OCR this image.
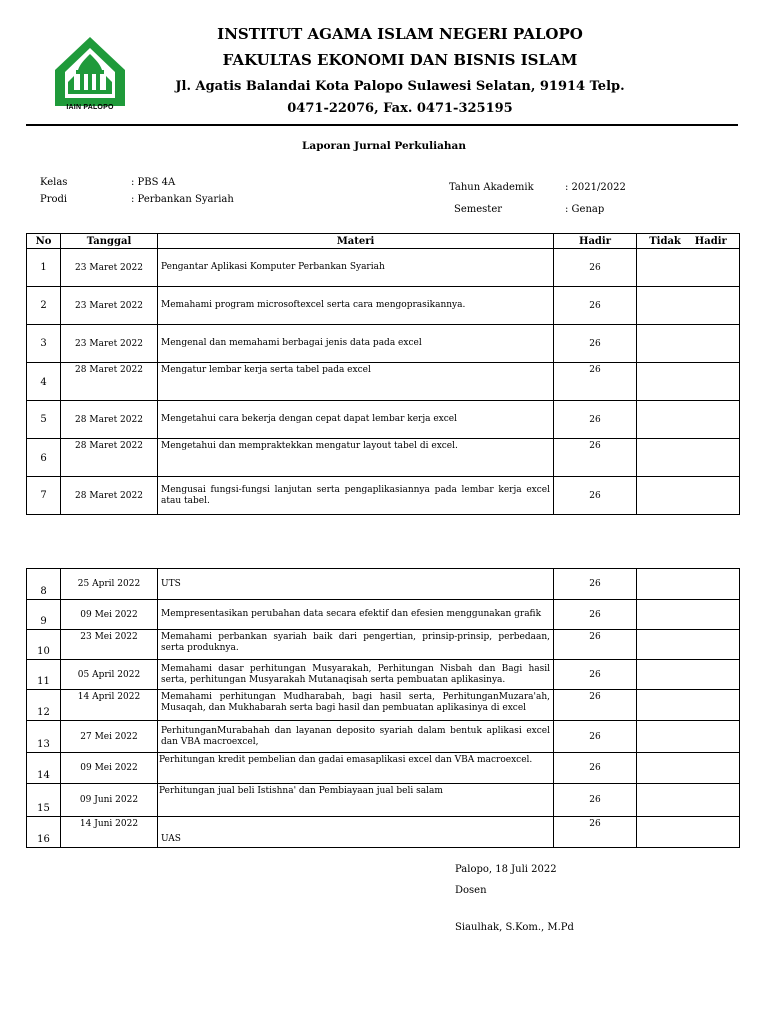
IAIN PALOPO
INSTITUT AGAMA ISLAM NEGERI PALOPO
FAKULTAS EKONOMI DAN BISNIS ISLAM
Jl. Agatis Balandai Kota Palopo Sulawesi Selatan, 91914 Telp.
0471-22076, Fax. 0471-325195
Laporan Jurnal Perkuliahan
Kelas	: PBS 4A
Prodi	: Perbankan Syariah
Tahun Akademik	: 2021/2022
Semester	: Genap
No	Tanggal	Materi	Hadir	Tidak    Hadir
1	23 Maret 2022	Pengantar Aplikasi Komputer Perbankan Syariah	26	
2	23 Maret 2022	Memahami program microsoftexcel serta cara mengoprasikannya.	26	
3	23 Maret 2022	Mengenal dan memahami berbagai jenis data pada excel	26	
4	28 Maret 2022	Mengatur lembar kerja serta tabel pada excel	26	
5	28 Maret 2022	Mengetahui cara bekerja dengan cepat dapat lembar kerja excel	26	
6	28 Maret 2022	Mengetahui dan mempraktekkan mengatur layout tabel di excel.	26	
7	28 Maret 2022	Mengusai fungsi-fungsi lanjutan serta pengaplikasiannya pada lembar kerja excel atau tabel.	26	
8	25 April 2022	UTS	26	
9	09 Mei 2022	Mempresentasikan perubahan data secara efektif dan efesien menggunakan grafik	26	
10	23 Mei 2022	Memahami perbankan syariah baik dari pengertian, prinsip-prinsip, perbedaan, serta produknya.	26	
11	05 April 2022	Memahami dasar perhitungan Musyarakah, Perhitungan Nisbah dan Bagi hasil serta, perhitungan Musyarakah Mutanaqisah serta pembuatan aplikasinya.	26	
12	14 April 2022	Memahami perhitungan Mudharabah, bagi hasil serta, PerhitunganMuzara'ah, Musaqah, dan Mukhabarah serta bagi hasil dan pembuatan aplikasinya di excel	26	
13	27 Mei 2022	PerhitunganMurabahah dan layanan deposito syariah dalam bentuk aplikasi excel dan VBA macroexcel,	26	
14	09 Mei 2022	Perhitungan kredit pembelian dan gadai emasaplikasi excel dan VBA macroexcel.	26	
15	09 Juni 2022	Perhitungan jual beli Istishna' dan Pembiayaan jual beli salam	26	
16	14 Juni 2022	UAS	26	
Palopo, 18 Juli 2022
Dosen
Siaulhak, S.Kom., M.Pd
